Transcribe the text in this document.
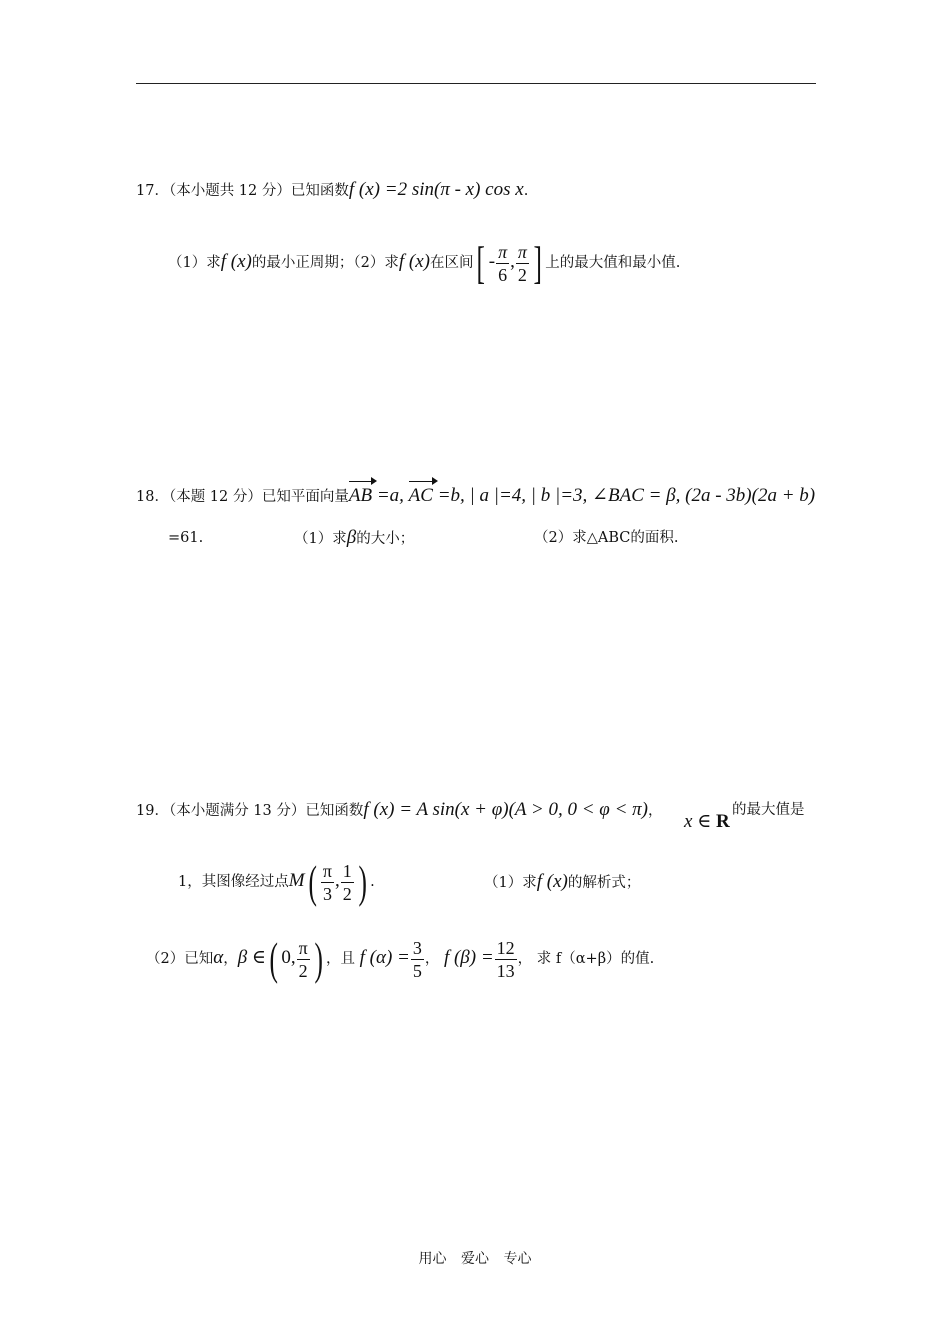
17．（本小题共 12 分）已知函数f (x) =2 sin(π - x) cos x.
（1）求f (x)的最小正周期；（2）求f (x)在区间[ - $\frac{\pi}{6}$ , $\frac{\pi}{2}$ ] 上的最大值和最小值.
18．（本题 12 分）已知平面向量AB =a, AC =b, | a |=4, | b |=3, ∠BAC = β, (2a - 3b)(2a + b)
=61.	（1）求β的大小；	（2）求△ABC的面积.
19．（本小题满分 13 分）已知函数f (x) = A sin(x + φ)(A > 0, 0 < φ < π)， x ∈ R
的最大值是
1，其图像经过点$M( \frac{\pi}{3}$ , $\frac{1}{2}$ ) .	（1）求f (x)的解析式；
（2）已知α，β ∈( 0, $\frac{\pi}{2}$ ) ，且 f $(\alpha) = \frac{3}{5}$ ， f $(\beta) = \frac{12}{13}$ ， 求 f（α+β）的值.
用心 爱心 专心
